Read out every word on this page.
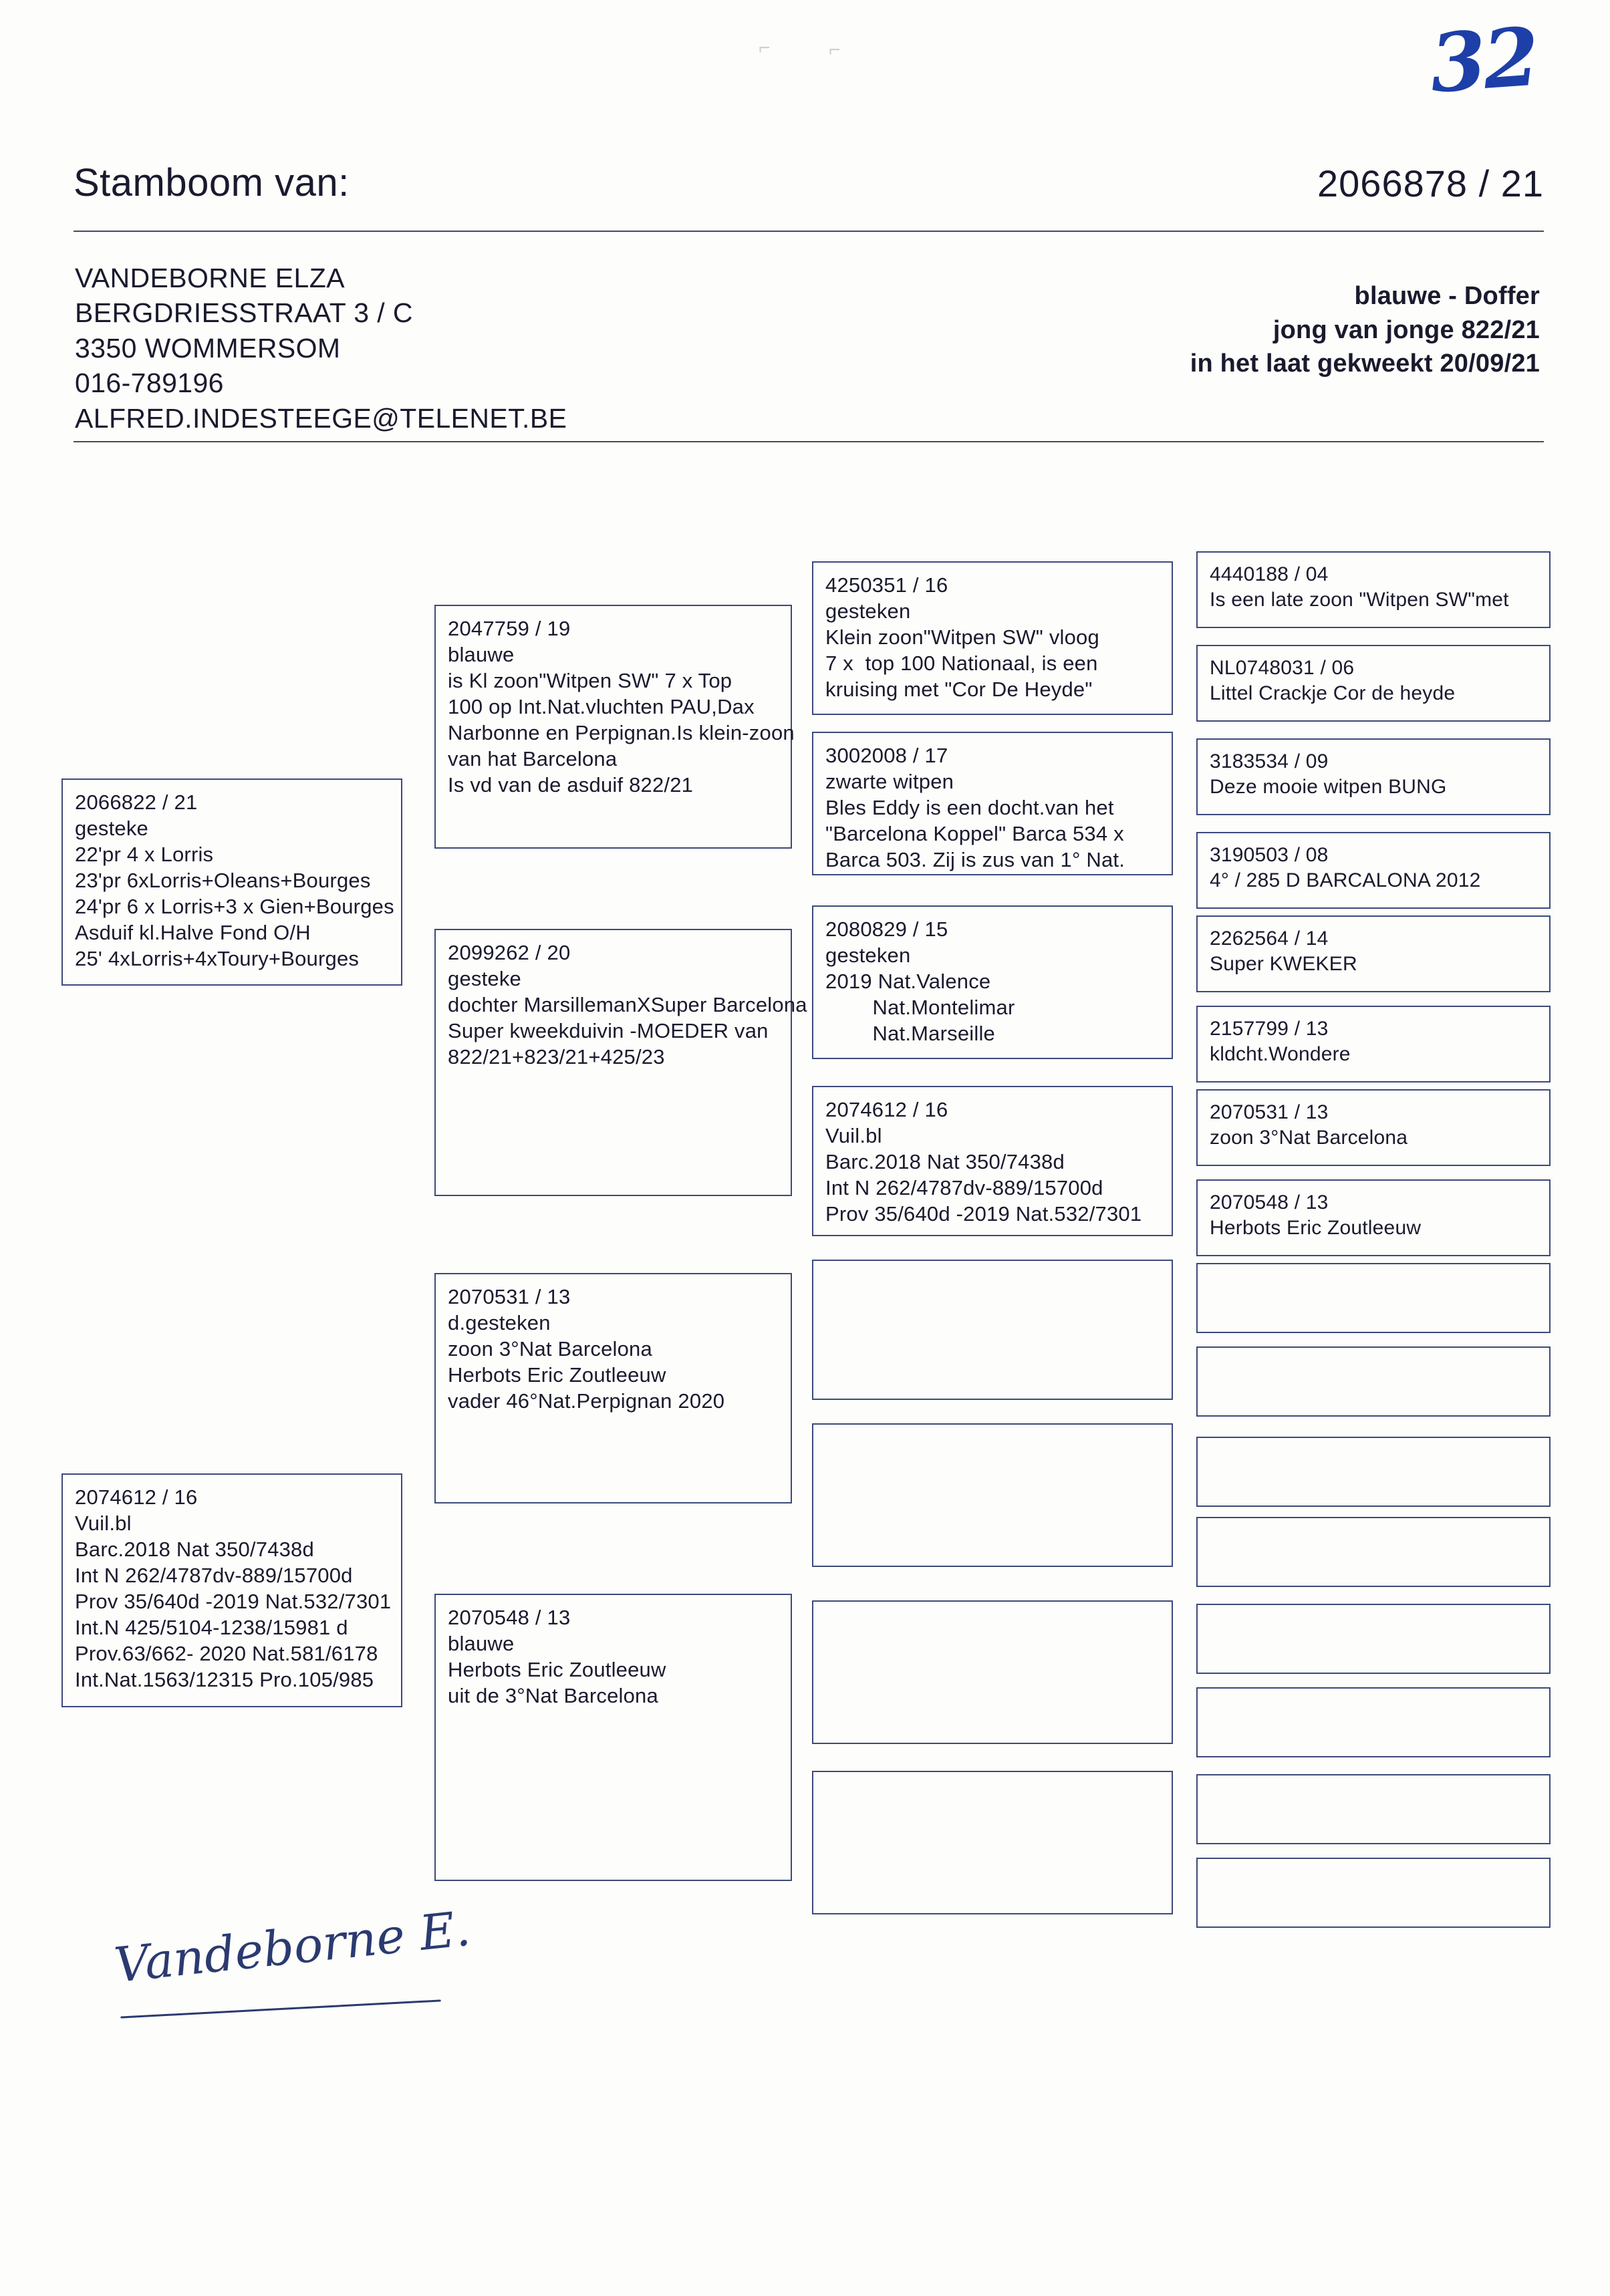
⌐	⌐	32
Stamboom van:	2066878 / 21
VANDEBORNE ELZA
BERGDRIESSTRAAT 3 / C
3350 WOMMERSOM
016-789196
ALFRED.INDESTEEGE@TELENET.BE
blauwe - Doffer
jong van jonge 822/21
in het laat gekweekt 20/09/21
2066822 / 21
gesteke
22'pr 4 x Lorris
23'pr 6xLorris+Oleans+Bourges
24'pr 6 x Lorris+3 x Gien+Bourges
Asduif kl.Halve Fond O/H
25' 4xLorris+4xToury+Bourges
2074612 / 16
Vuil.bl
Barc.2018 Nat 350/7438d
Int N 262/4787dv-889/15700d
Prov 35/640d -2019 Nat.532/7301
Int.N 425/5104-1238/15981 d
Prov.63/662- 2020 Nat.581/6178
Int.Nat.1563/12315 Pro.105/985
2047759 / 19
blauwe
is Kl zoon"Witpen SW" 7 x Top
100 op Int.Nat.vluchten PAU,Dax
Narbonne en Perpignan.Is klein-zoon
van hat Barcelona
Is vd van de asduif 822/21
2099262 / 20
gesteke
dochter MarsillemanXSuper Barcelona
Super kweekduivin -MOEDER van
822/21+823/21+425/23
2070531 / 13
d.gesteken
zoon 3°Nat Barcelona
Herbots Eric Zoutleeuw
vader 46°Nat.Perpignan 2020
2070548 / 13
blauwe
Herbots Eric Zoutleeuw
uit de 3°Nat Barcelona
4250351 / 16
gesteken
Klein zoon"Witpen SW" vloog
7 x  top 100 Nationaal, is een
kruising met "Cor De Heyde"
3002008 / 17
zwarte witpen
Bles Eddy is een docht.van het
"Barcelona Koppel" Barca 534 x
Barca 503. Zij is zus van 1° Nat.
2080829 / 15
gesteken
2019 Nat.Valence
Nat.Montelimar
Nat.Marseille
2074612 / 16
Vuil.bl
Barc.2018 Nat 350/7438d
Int N 262/4787dv-889/15700d
Prov 35/640d -2019 Nat.532/7301
4440188 / 04
Is een late zoon "Witpen SW"met
NL0748031 / 06
Littel Crackje Cor de heyde
3183534 / 09
Deze mooie witpen BUNG
3190503 / 08
4° / 285 D BARCALONA 2012
2262564 / 14
Super KWEKER
2157799 / 13
kldcht.Wondere
2070531 / 13
zoon 3°Nat Barcelona
2070548 / 13
Herbots Eric Zoutleeuw
Vandeborne E.
